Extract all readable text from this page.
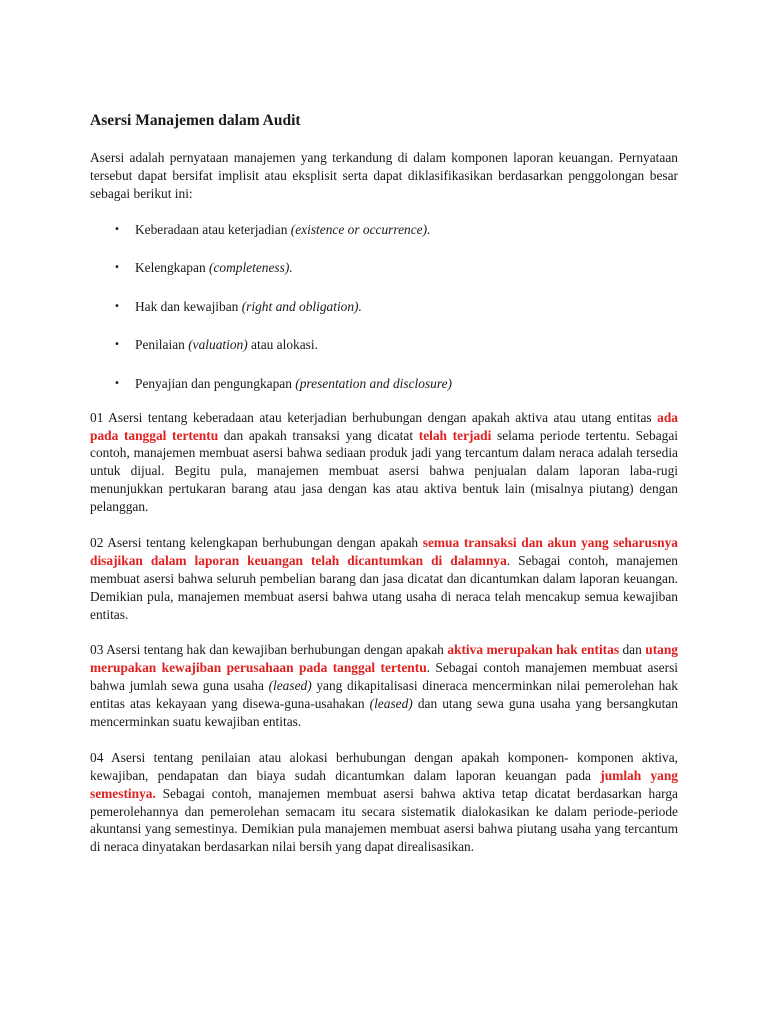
Asersi Manajemen dalam Audit

Asersi adalah pernyataan manajemen yang terkandung di dalam komponen laporan keuangan. Pernyataan tersebut dapat bersifat implisit atau eksplisit serta dapat diklasifikasikan berdasarkan penggolongan besar sebagai berikut ini:

• Keberadaan atau keterjadian (existence or occurrence).
• Kelengkapan (completeness).
• Hak dan kewajiban (right and obligation).
• Penilaian (valuation) atau alokasi.
• Penyajian dan pengungkapan (presentation and disclosure)

01 Asersi tentang keberadaan atau keterjadian berhubungan dengan apakah aktiva atau utang entitas ada pada tanggal tertentu dan apakah transaksi yang dicatat telah terjadi selama periode tertentu. Sebagai contoh, manajemen membuat asersi bahwa sediaan produk jadi yang tercantum dalam neraca adalah tersedia untuk dijual. Begitu pula, manajemen membuat asersi bahwa penjualan dalam laporan laba-rugi menunjukkan pertukaran barang atau jasa dengan kas atau aktiva bentuk lain (misalnya piutang) dengan pelanggan.

02 Asersi tentang kelengkapan berhubungan dengan apakah semua transaksi dan akun yang seharusnya disajikan dalam laporan keuangan telah dicantumkan di dalamnya. Sebagai contoh, manajemen membuat asersi bahwa seluruh pembelian barang dan jasa dicatat dan dicantumkan dalam laporan keuangan. Demikian pula, manajemen membuat asersi bahwa utang usaha di neraca telah mencakup semua kewajiban entitas.

03 Asersi tentang hak dan kewajiban berhubungan dengan apakah aktiva merupakan hak entitas dan utang merupakan kewajiban perusahaan pada tanggal tertentu. Sebagai contoh manajemen membuat asersi bahwa jumlah sewa guna usaha (leased) yang dikapitalisasi dineraca mencerminkan nilai pemerolehan hak entitas atas kekayaan yang disewa-guna-usahakan (leased) dan utang sewa guna usaha yang bersangkutan mencerminkan suatu kewajiban entitas.

04 Asersi tentang penilaian atau alokasi berhubungan dengan apakah komponen- komponen aktiva, kewajiban, pendapatan dan biaya sudah dicantumkan dalam laporan keuangan pada jumlah yang semestinya. Sebagai contoh, manajemen membuat asersi bahwa aktiva tetap dicatat berdasarkan harga pemerolehannya dan pemerolehan semacam itu secara sistematik dialokasikan ke dalam periode-periode akuntansi yang semestinya. Demikian pula manajemen membuat asersi bahwa piutang usaha yang tercantum di neraca dinyatakan berdasarkan nilai bersih yang dapat direalisasikan.
